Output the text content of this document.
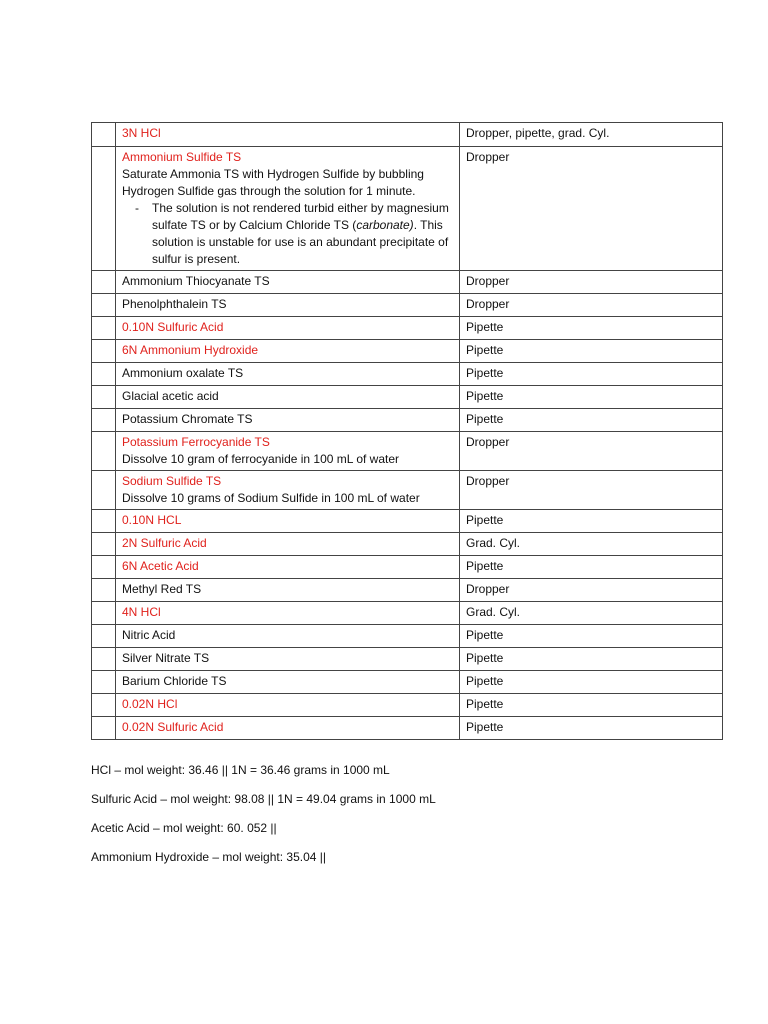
	3N HCl	Dropper, pipette, grad. Cyl.

	Ammonium Sulfide TS
Saturate Ammonia TS with Hydrogen Sulfide by bubbling Hydrogen Sulfide gas through the solution for 1 minute.
- The solution is not rendered turbid either by magnesium sulfate TS or by Calcium Chloride TS (carbonate). This solution is unstable for use is an abundant precipitate of sulfur is present.	Dropper
	Ammonium Thiocyanate TS	Dropper
	Phenolphthalein TS	Dropper
	0.10N Sulfuric Acid	Pipette
	6N Ammonium Hydroxide	Pipette
	Ammonium oxalate TS	Pipette
	Glacial acetic acid	Pipette
	Potassium Chromate TS	Pipette

	Potassium Ferrocyanide TS
Dissolve 10 gram of ferrocyanide in 100 mL of water	Dropper

	Sodium Sulfide TS
Dissolve 10 grams of Sodium Sulfide in 100 mL of water	Dropper
	0.10N HCL	Pipette
	2N Sulfuric Acid	Grad. Cyl.
	6N Acetic Acid	Pipette
	Methyl Red TS	Dropper
	4N HCl	Grad. Cyl.
	Nitric Acid	Pipette
	Silver Nitrate TS	Pipette
	Barium Chloride TS	Pipette
	0.02N HCl	Pipette
	0.02N Sulfuric Acid	Pipette

HCl – mol weight: 36.46 || 1N = 36.46 grams in 1000 mL

Sulfuric Acid – mol weight: 98.08 || 1N = 49.04 grams in 1000 mL

Acetic Acid – mol weight: 60. 052 ||

Ammonium Hydroxide – mol weight: 35.04 ||
